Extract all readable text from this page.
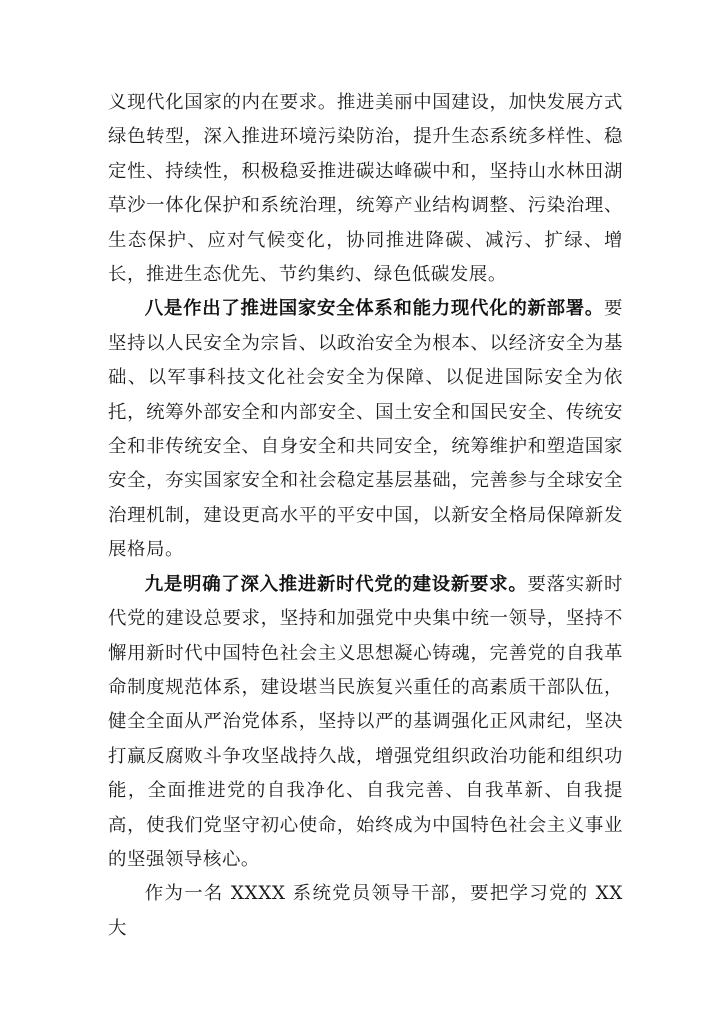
义现代化国家的内在要求。推进美丽中国建设，加快发展方式绿色转型，深入推进环境污染防治，提升生态系统多样性、稳定性、持续性，积极稳妥推进碳达峰碳中和，坚持山水林田湖草沙一体化保护和系统治理，统筹产业结构调整、污染治理、生态保护、应对气候变化，协同推进降碳、减污、扩绿、增长，推进生态优先、节约集约、绿色低碳发展。

八是作出了推进国家安全体系和能力现代化的新部署。要坚持以人民安全为宗旨、以政治安全为根本、以经济安全为基础、以军事科技文化社会安全为保障、以促进国际安全为依托，统筹外部安全和内部安全、国土安全和国民安全、传统安全和非传统安全、自身安全和共同安全，统筹维护和塑造国家安全，夯实国家安全和社会稳定基层基础，完善参与全球安全治理机制，建设更高水平的平安中国，以新安全格局保障新发展格局。

九是明确了深入推进新时代党的建设新要求。要落实新时代党的建设总要求，坚持和加强党中央集中统一领导，坚持不懈用新时代中国特色社会主义思想凝心铸魂，完善党的自我革命制度规范体系，建设堪当民族复兴重任的高素质干部队伍，健全全面从严治党体系，坚持以严的基调强化正风肃纪，坚决打赢反腐败斗争攻坚战持久战，增强党组织政治功能和组织功能，全面推进党的自我净化、自我完善、自我革新、自我提高，使我们党坚守初心使命，始终成为中国特色社会主义事业的坚强领导核心。

作为一名 XXXX 系统党员领导干部，要把学习党的 XX 大
